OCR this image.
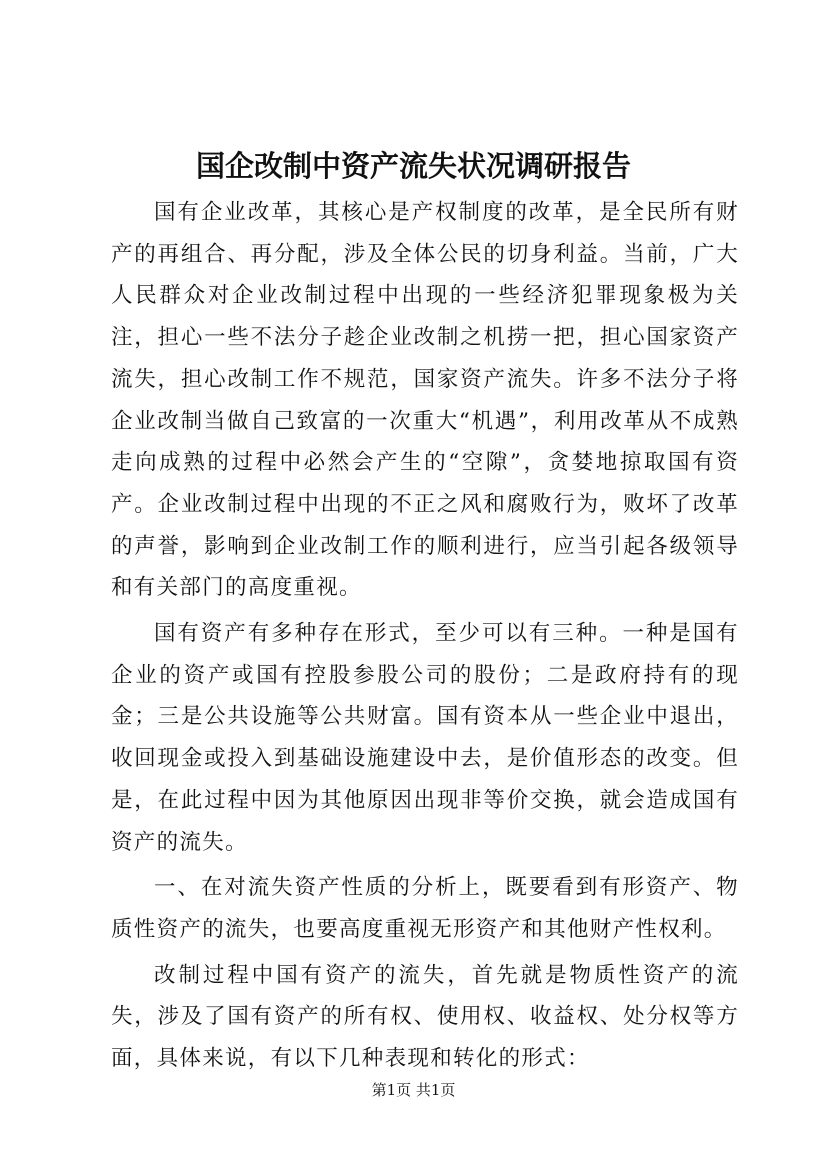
国企改制中资产流失状况调研报告

国有企业改革，其核心是产权制度的改革，是全民所有财产的再组合、再分配，涉及全体公民的切身利益。当前，广大人民群众对企业改制过程中出现的一些经济犯罪现象极为关注，担心一些不法分子趁企业改制之机捞一把，担心国家资产流失，担心改制工作不规范，国家资产流失。许多不法分子将企业改制当做自己致富的一次重大“机遇”，利用改革从不成熟走向成熟的过程中必然会产生的“空隙”，贪婪地掠取国有资产。企业改制过程中出现的不正之风和腐败行为，败坏了改革的声誉，影响到企业改制工作的顺利进行，应当引起各级领导和有关部门的高度重视。

国有资产有多种存在形式，至少可以有三种。一种是国有企业的资产或国有控股参股公司的股份；二是政府持有的现金；三是公共设施等公共财富。国有资本从一些企业中退出，收回现金或投入到基础设施建设中去，是价值形态的改变。但是，在此过程中因为其他原因出现非等价交换，就会造成国有资产的流失。

一、在对流失资产性质的分析上，既要看到有形资产、物质性资产的流失，也要高度重视无形资产和其他财产性权利。

改制过程中国有资产的流失，首先就是物质性资产的流失，涉及了国有资产的所有权、使用权、收益权、处分权等方面，具体来说，有以下几种表现和转化的形式：

第1页 共1页
